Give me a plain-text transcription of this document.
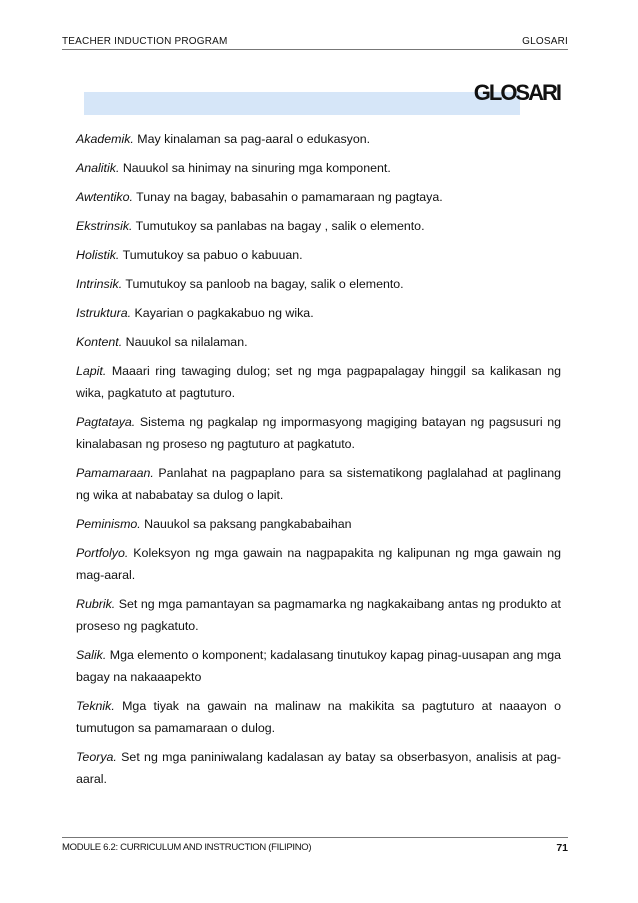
TEACHER INDUCTION PROGRAM	GLOSARI
GLOSARI

Akademik. May kinalaman sa pag-aaral o edukasyon.

Analitik. Nauukol sa hinimay na sinuring mga komponent.

Awtentiko. Tunay na bagay, babasahin o pamamaraan ng pagtaya.

Ekstrinsik. Tumutukoy sa panlabas na bagay , salik o elemento.

Holistik. Tumutukoy sa pabuo o kabuuan.

Intrinsik. Tumutukoy sa panloob na bagay, salik o elemento.

Istruktura. Kayarian o pagkakabuo ng wika.

Kontent. Nauukol sa nilalaman.

Lapit. Maaari ring tawaging dulog; set ng mga pagpapalagay hinggil sa kalikasan ng wika, pagkatuto at pagtuturo.

Pagtataya. Sistema ng pagkalap ng impormasyong magiging batayan ng pagsusuri ng kinalabasan ng proseso ng pagtuturo at pagkatuto.

Pamamaraan. Panlahat na pagpaplano para sa sistematikong paglalahad at paglinang ng wika at nababatay sa dulog o lapit.

Peminismo. Nauukol sa paksang pangkababaihan

Portfolyo. Koleksyon ng mga gawain na nagpapakita ng kalipunan ng mga gawain ng mag-aaral.

Rubrik. Set ng mga pamantayan sa pagmamarka ng nagkakaibang antas ng produkto at proseso ng pagkatuto.

Salik. Mga elemento o komponent; kadalasang tinutukoy kapag pinag-uusapan ang mga bagay na nakaaapekto

Teknik. Mga tiyak na gawain na malinaw na makikita sa pagtuturo at naaayon o tumutugon sa pamamaraan o dulog.

Teorya. Set ng mga paniniwalang kadalasan ay batay sa obserbasyon, analisis at pag-aaral.

MODULE 6.2: CURRICULUM AND INSTRUCTION (FILIPINO)	71
